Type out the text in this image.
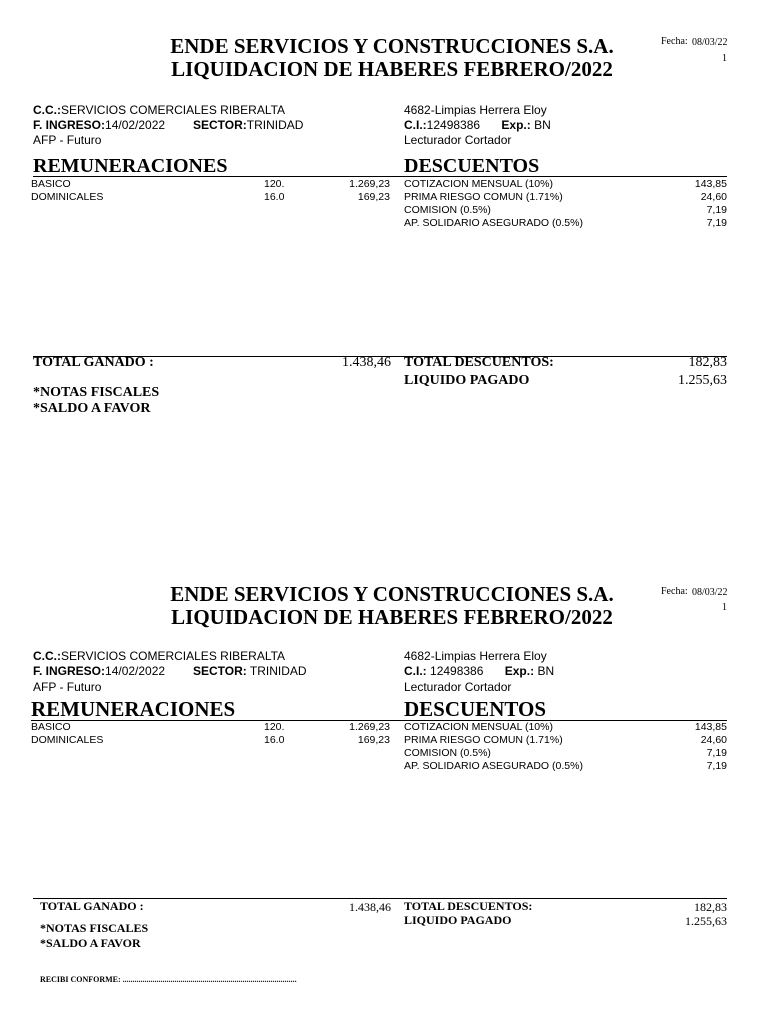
ENDE SERVICIOS Y CONSTRUCCIONES S.A.
LIQUIDACION DE HABERES FEBRERO/2022
Fecha: 08/03/22
1
C.C.:SERVICIOS COMERCIALES RIBERALTA
F. INGRESO:14/02/2022 SECTOR:TRINIDAD
AFP - Futuro
4682-Limpias Herrera Eloy
C.I.:12498386 Exp.: BN
Lecturador Cortador
REMUNERACIONES	DESCUENTOS
BASICO	120.	1.269,23
DOMINICALES	16.0	169,23
COTIZACION MENSUAL (10%)	143,85
PRIMA RIESGO COMUN (1.71%)	24,60
COMISION (0.5%)	7,19
AP. SOLIDARIO ASEGURADO (0.5%)	7,19
TOTAL GANADO :	1.438,46 TOTAL DESCUENTOS:	182,83
LIQUIDO PAGADO	1.255,63
*NOTAS FISCALES
*SALDO A FAVOR
ENDE SERVICIOS Y CONSTRUCCIONES S.A.
LIQUIDACION DE HABERES FEBRERO/2022
Fecha: 08/03/22
1
C.C.:SERVICIOS COMERCIALES RIBERALTA
F. INGRESO:14/02/2022 SECTOR: TRINIDAD
AFP - Futuro
4682-Limpias Herrera Eloy
C.I.: 12498386 Exp.: BN
Lecturador Cortador
REMUNERACIONES	DESCUENTOS
BASICO	120.	1.269,23
DOMINICALES	16.0	169,23
COTIZACION MENSUAL (10%)	143,85
PRIMA RIESGO COMUN (1.71%)	24,60
COMISION (0.5%)	7,19
AP. SOLIDARIO ASEGURADO (0.5%)	7,19
TOTAL GANADO :	1.438,46 TOTAL DESCUENTOS:	182,83
LIQUIDO PAGADO	1.255,63
*NOTAS FISCALES
*SALDO A FAVOR
RECIBI CONFORME: .......................................................................................
